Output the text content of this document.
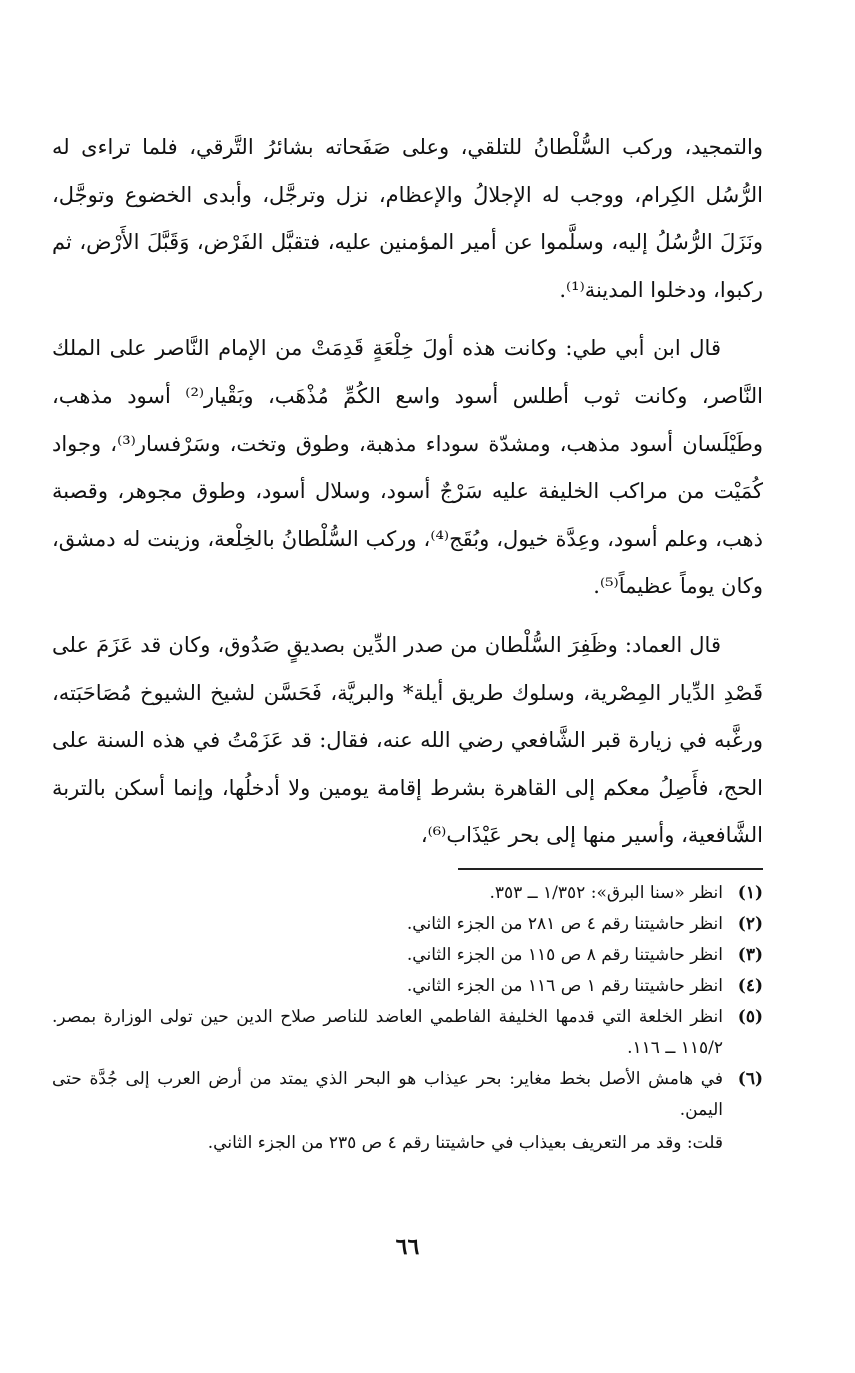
والتمجيد، وركب السُّلْطانُ للتلقي، وعلى صَفَحاته بشائرُ التَّرقي، فلما تراءى له الرُّسُل الكِرام، ووجب له الإجلالُ والإعظام، نزل وترجَّل، وأبدى الخضوع وتوجَّل، ونَزَلَ الرُّسُلُ إليه، وسلَّموا عن أمير المؤمنين عليه، فتقبَّل الفَرْض، وَقَبَّلَ الأَرْض، ثم ركبوا، ودخلوا المدينة⁽¹⁾.

قال ابن أبي طي: وكانت هذه أولَ خِلْعَةٍ قَدِمَتْ من الإمام النَّاصر على الملك النَّاصر، وكانت ثوب أطلس أسود واسع الكُمِّ مُذْهَب، وبَقْيار⁽²⁾ أسود مذهب، وطَيْلَسان أسود مذهب، ومشدّة سوداء مذهبة، وطوق وتخت، وسَرْفسار⁽³⁾، وجواد كُمَيْت من مراكب الخليفة عليه سَرْجٌ أسود، وسلال أسود، وطوق مجوهر، وقصبة ذهب، وعلم أسود، وعِدَّة خيول، وبُقَج⁽⁴⁾، وركب السُّلْطانُ بالخِلْعة، وزينت له دمشق، وكان يوماً عظيماً⁽⁵⁾.

قال العماد: وظَفِرَ السُّلْطان من صدر الدِّين بصديقٍ صَدُوق، وكان قد عَزَمَ على قَصْدِ الدِّيار المِصْرية، وسلوك طريق أيلة* والبريَّة، فَحَسَّن لشيخ الشيوخ مُصَاحَبَته، ورغَّبه في زيارة قبر الشَّافعي رضي الله عنه، فقال: قد عَزَمْتُ في هذه السنة على الحج، فأَصِلُ معكم إلى القاهرة بشرط إقامة يومين ولا أدخلُها، وإنما أسكن بالتربة الشَّافعية، وأسير منها إلى بحر عَيْذَاب⁽⁶⁾،

(١)
انظر «سنا البرق»: ١/٣٥٢ ــ ٣٥٣.
(٢)
انظر حاشيتنا رقم ٤ ص ٢٨١ من الجزء الثاني.
(٣)
انظر حاشيتنا رقم ٨ ص ١١٥ من الجزء الثاني.
(٤)
انظر حاشيتنا رقم ١ ص ١١٦ من الجزء الثاني.
(٥)
انظر الخلعة التي قدمها الخليفة الفاطمي العاضد للناصر صلاح الدين حين تولى الوزارة بمصر. ١١٥/٢ ــ ١١٦.
(٦)
في هامش الأصل بخط مغاير: بحر عيذاب هو البحر الذي يمتد من أرض العرب إلى جُدَّة حتى اليمن.
قلت: وقد مر التعريف بعيذاب في حاشيتنا رقم ٤ ص ٢٣٥ من الجزء الثاني.
٦٦
